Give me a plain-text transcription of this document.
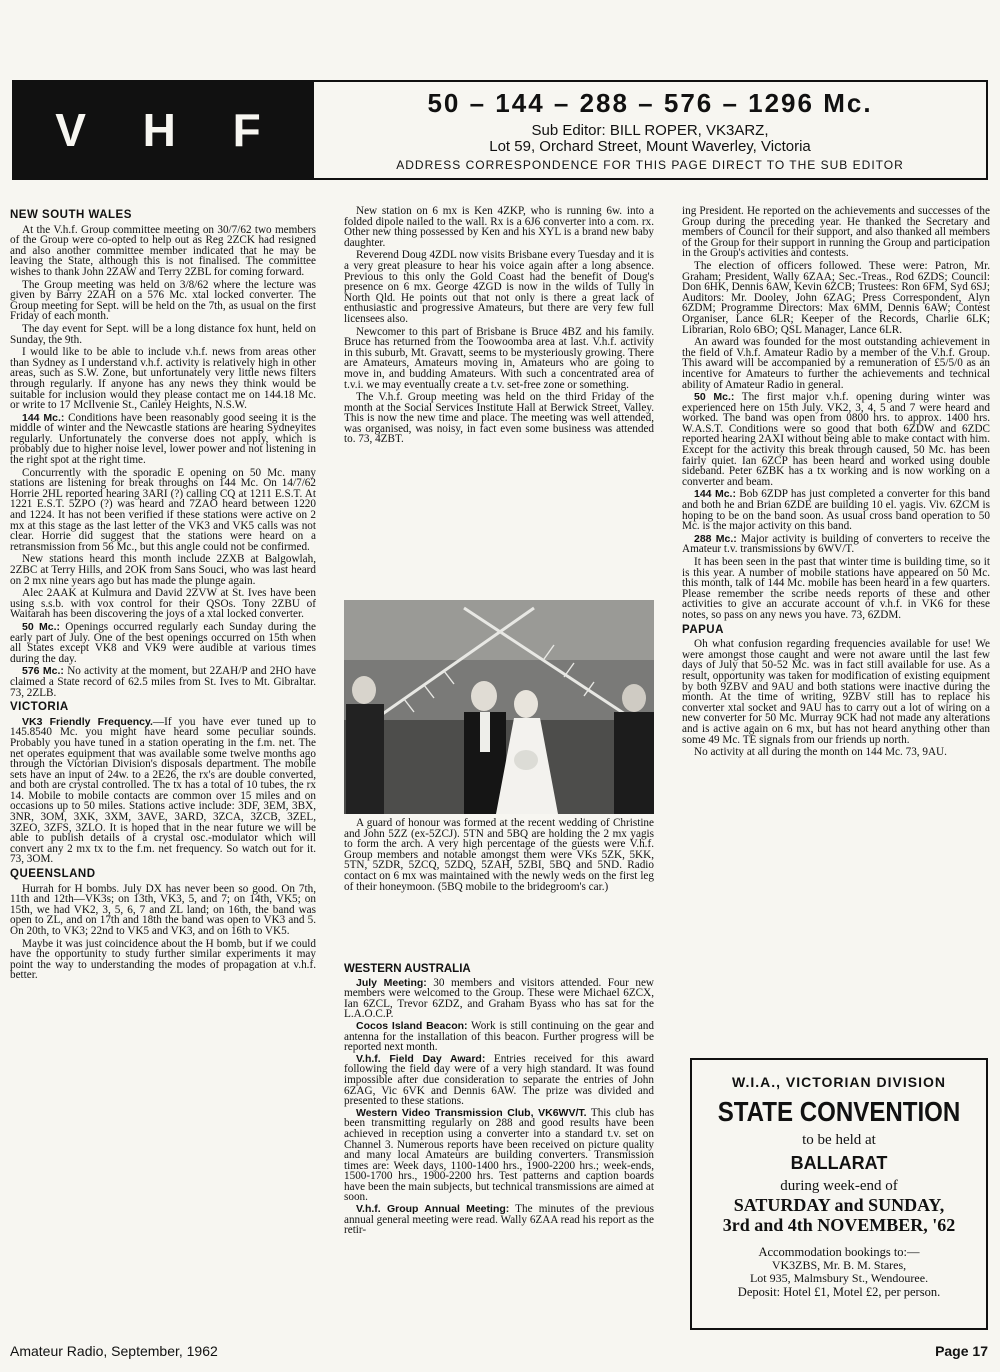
V H F
50 – 144 – 288 – 576 – 1296 Mc.
Sub Editor: BILL ROPER, VK3ARZ,
Lot 59, Orchard Street, Mount Waverley, Victoria
ADDRESS CORRESPONDENCE FOR THIS PAGE DIRECT TO THE SUB EDITOR
NEW SOUTH WALES

At the V.h.f. Group committee meeting on 30/7/62 two members of the Group were co-opted to help out as Reg 2ZCK had resigned and also another committee member indicated that he may be leaving the State, although this is not finalised. The committee wishes to thank John 2ZAW and Terry 2ZBL for coming forward.

The Group meeting was held on 3/8/62 where the lecture was given by Barry 2ZAH on a 576 Mc. xtal locked converter. The Group meeting for Sept. will be held on the 7th, as usual on the first Friday of each month.

The day event for Sept. will be a long distance fox hunt, held on Sunday, the 9th.

I would like to be able to include v.h.f. news from areas other than Sydney as I understand v.h.f. activity is relatively high in other areas, such as S.W. Zone, but unfortunately very little news filters through regularly. If anyone has any news they think would be suitable for inclusion would they please contact me on 144.18 Mc. or write to 17 McIlvenie St., Canley Heights, N.S.W.

144 Mc.: Conditions have been reasonably good seeing it is the middle of winter and the Newcastle stations are hearing Sydneyites regularly. Unfortunately the converse does not apply, which is probably due to higher noise level, lower power and not listening in the right spot at the right time.

Concurrently with the sporadic E opening on 50 Mc. many stations are listening for break throughs on 144 Mc. On 14/7/62 Horrie 2HL reported hearing 3ARI (?) calling CQ at 1211 E.S.T. At 1221 E.S.T. 5ZPO (?) was heard and 7ZAO heard between 1220 and 1224. It has not been verified if these stations were active on 2 mx at this stage as the last letter of the VK3 and VK5 calls was not clear. Horrie did suggest that the stations were heard on a retransmission from 56 Mc., but this angle could not be confirmed.

New stations heard this month include 2ZXB at Balgowlah, 2ZBC at Terry Hills, and 2OK from Sans Souci, who was last heard on 2 mx nine years ago but has made the plunge again.

Alec 2AAK at Kulmura and David 2ZVW at St. Ives have been using s.s.b. with vox control for their QSOs. Tony 2ZBU of Waitarah has been discovering the joys of a xtal locked converter.

50 Mc.: Openings occurred regularly each Sunday during the early part of July. One of the best openings occurred on 15th when all States except VK8 and VK9 were audible at various times during the day.

576 Mc.: No activity at the moment, but 2ZAH/P and 2HO have claimed a State record of 62.5 miles from St. Ives to Mt. Gibraltar. 73, 2ZLB.

VICTORIA

VK3 Friendly Frequency.—If you have ever tuned up to 145.8540 Mc. you might have heard some peculiar sounds. Probably you have tuned in a station operating in the f.m. net. The net operates equipment that was available some twelve months ago through the Victorian Division's disposals department. The mobile sets have an input of 24w. to a 2E26, the rx's are double converted, and both are crystal controlled. The tx has a total of 10 tubes, the rx 14. Mobile to mobile contacts are common over 15 miles and on occasions up to 50 miles. Stations active include: 3DF, 3EM, 3BX, 3NR, 3OM, 3XK, 3XM, 3AVE, 3ARD, 3ZCA, 3ZCB, 3ZEL, 3ZEO, 3ZFS, 3ZLO. It is hoped that in the near future we will be able to publish details of a crystal osc.-modulator which will convert any 2 mx tx to the f.m. net frequency. So watch out for it. 73, 3OM.

QUEENSLAND

Hurrah for H bombs. July DX has never been so good. On 7th, 11th and 12th—VK3s; on 13th, VK3, 5, and 7; on 14th, VK5; on 15th, we had VK2, 3, 5, 6, 7 and ZL land; on 16th, the band was open to ZL, and on 17th and 18th the band was open to VK3 and 5. On 20th, to VK3; 22nd to VK5 and VK3, and on 16th to VK5.

Maybe it was just coincidence about the H bomb, but if we could have the opportunity to study further similar experiments it may point the way to understanding the modes of propagation at v.h.f. better.

New station on 6 mx is Ken 4ZKP, who is running 6w. into a folded dipole nailed to the wall. Rx is a 6J6 converter into a com. rx. Other new thing possessed by Ken and his XYL is a brand new baby daughter.

Reverend Doug 4ZDL now visits Brisbane every Tuesday and it is a very great pleasure to hear his voice again after a long absence. Previous to this only the Gold Coast had the benefit of Doug's presence on 6 mx. George 4ZGD is now in the wilds of Tully in North Qld. He points out that not only is there a great lack of enthusiastic and progressive Amateurs, but there are very few full licensees also.

Newcomer to this part of Brisbane is Bruce 4BZ and his family. Bruce has returned from the Toowoomba area at last. V.h.f. activity in this suburb, Mt. Gravatt, seems to be mysteriously growing. There are Amateurs, Amateurs moving in, Amateurs who are going to move in, and budding Amateurs. With such a concentrated area of t.v.i. we may eventually create a t.v. set-free zone or something.

The V.h.f. Group meeting was held on the third Friday of the month at the Social Services Institute Hall at Berwick Street, Valley. This is now the new time and place. The meeting was well attended, was organised, was noisy, in fact even some business was attended to. 73, 4ZBT.

A guard of honour was formed at the recent wedding of Christine and John 5ZZ (ex-5ZCJ). 5TN and 5BQ are holding the 2 mx yagis to form the arch. A very high percentage of the guests were V.h.f. Group members and notable amongst them were VKs 5ZK, 5KK, 5TN, 5ZDR, 5ZCQ, 5ZDQ, 5ZAH, 5ZBI, 5BQ and 5ND. Radio contact on 6 mx was maintained with the newly weds on the first leg of their honeymoon. (5BQ mobile to the bridegroom's car.)

WESTERN AUSTRALIA

July Meeting: 30 members and visitors attended. Four new members were welcomed to the Group. These were Michael 6ZCX, Ian 6ZCL, Trevor 6ZDZ, and Graham Byass who has sat for the L.A.O.C.P.

Cocos Island Beacon: Work is still continuing on the gear and antenna for the installation of this beacon. Further progress will be reported next month.

V.h.f. Field Day Award: Entries received for this award following the field day were of a very high standard. It was found impossible after due consideration to separate the entries of John 6ZAG, Vic 6VK and Dennis 6AW. The prize was divided and presented to these stations.

Western Video Transmission Club, VK6WV/T. This club has been transmitting regularly on 288 and good results have been achieved in reception using a converter into a standard t.v. set on Channel 3. Numerous reports have been received on picture quality and many local Amateurs are building converters. Transmission times are: Week days, 1100-1400 hrs., 1900-2200 hrs.; week-ends, 1500-1700 hrs., 1900-2200 hrs. Test patterns and caption boards have been the main subjects, but technical transmissions are aimed at soon.

V.h.f. Group Annual Meeting: The minutes of the previous annual general meeting were read. Wally 6ZAA read his report as the retir-

ing President. He reported on the achievements and successes of the Group during the preceding year. He thanked the Secretary and members of Council for their support, and also thanked all members of the Group for their support in running the Group and participation in the Group's activities and contests.

The election of officers followed. These were: Patron, Mr. Graham; President, Wally 6ZAA; Sec.-Treas., Rod 6ZDS; Council: Don 6HK, Dennis 6AW, Kevin 6ZCB; Trustees: Ron 6FM, Syd 6SJ; Auditors: Mr. Dooley, John 6ZAG; Press Correspondent, Alyn 6ZDM; Programme Directors: Max 6MM, Dennis 6AW; Contest Organiser, Lance 6LR; Keeper of the Records, Charlie 6LK; Librarian, Rolo 6BO; QSL Manager, Lance 6LR.

An award was founded for the most outstanding achievement in the field of V.h.f. Amateur Radio by a member of the V.h.f. Group. This award will be accompanied by a remuneration of £5/5/0 as an incentive for Amateurs to further the achievements and technical ability of Amateur Radio in general.

50 Mc.: The first major v.h.f. opening during winter was experienced here on 15th July. VK2, 3, 4, 5 and 7 were heard and worked. The band was open from 0800 hrs. to approx. 1400 hrs. W.A.S.T. Conditions were so good that both 6ZDW and 6ZDC reported hearing 2AXI without being able to make contact with him. Except for the activity this break through caused, 50 Mc. has been fairly quiet. Ian 6ZCP has been heard and worked using double sideband. Peter 6ZBK has a tx working and is now working on a converter and beam.

144 Mc.: Bob 6ZDP has just completed a converter for this band and both he and Brian 6ZDE are building 10 el. yagis. Viv. 6ZCM is hoping to be on the band soon. As usual cross band operation to 50 Mc. is the major activity on this band.

288 Mc.: Major activity is building of converters to receive the Amateur t.v. transmissions by 6WV/T.

It has been seen in the past that winter time is building time, so it is this year. A number of mobile stations have appeared on 50 Mc. this month, talk of 144 Mc. mobile has been heard in a few quarters. Please remember the scribe needs reports of these and other activities to give an accurate account of v.h.f. in VK6 for these notes, so pass on any news you have. 73, 6ZDM.

PAPUA

Oh what confusion regarding frequencies available for use! We were amongst those caught and were not aware until the last few days of July that 50-52 Mc. was in fact still available for use. As a result, opportunity was taken for modification of existing equipment by both 9ZBV and 9AU and both stations were inactive during the month. At the time of writing, 9ZBV still has to replace his converter xtal socket and 9AU has to carry out a lot of wiring on a new converter for 50 Mc. Murray 9CK had not made any alterations and is active again on 6 mx, but has not heard anything other than some 49 Mc. TE signals from our friends up north.

No activity at all during the month on 144 Mc. 73, 9AU.

W.I.A., VICTORIAN DIVISION
STATE CONVENTION
to be held at
BALLARAT
during week-end of
SATURDAY and SUNDAY,
3rd and 4th NOVEMBER, '62
Accommodation bookings to:—
VK3ZBS, Mr. B. M. Stares,
Lot 935, Malmsbury St., Wendouree.
Deposit: Hotel £1, Motel £2, per person.
Amateur Radio, September, 1962	Page 17
